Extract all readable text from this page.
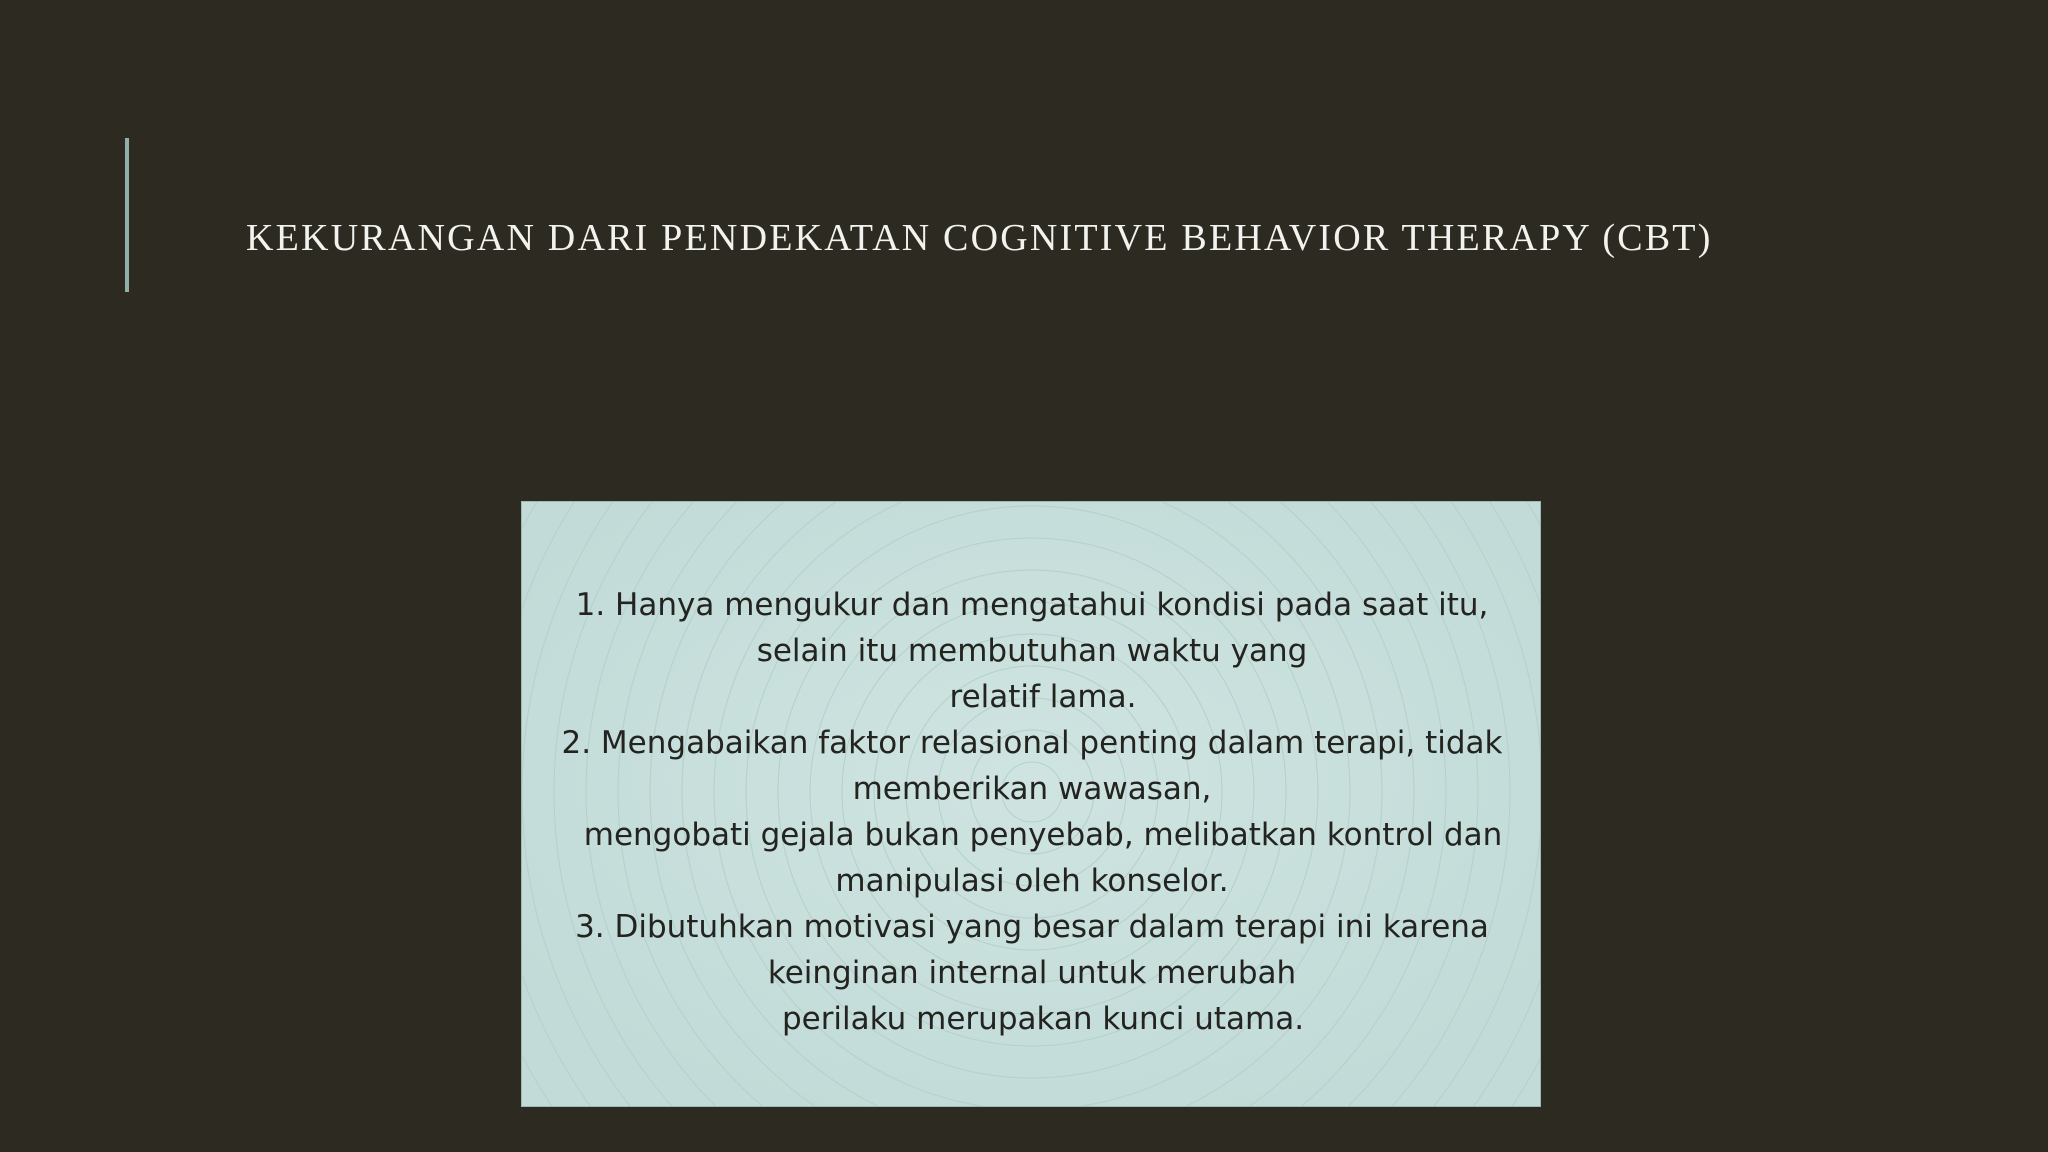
KEKURANGAN DARI PENDEKATAN COGNITIVE BEHAVIOR THERAPY (CBT)
1. Hanya mengukur dan mengatahui kondisi pada saat itu,
selain itu membutuhan waktu yang
relatif lama.
2. Mengabaikan faktor relasional penting dalam terapi, tidak
memberikan wawasan,
mengobati gejala bukan penyebab, melibatkan kontrol dan
manipulasi oleh konselor.
3. Dibutuhkan motivasi yang besar dalam terapi ini karena
keinginan internal untuk merubah
perilaku merupakan kunci utama.
